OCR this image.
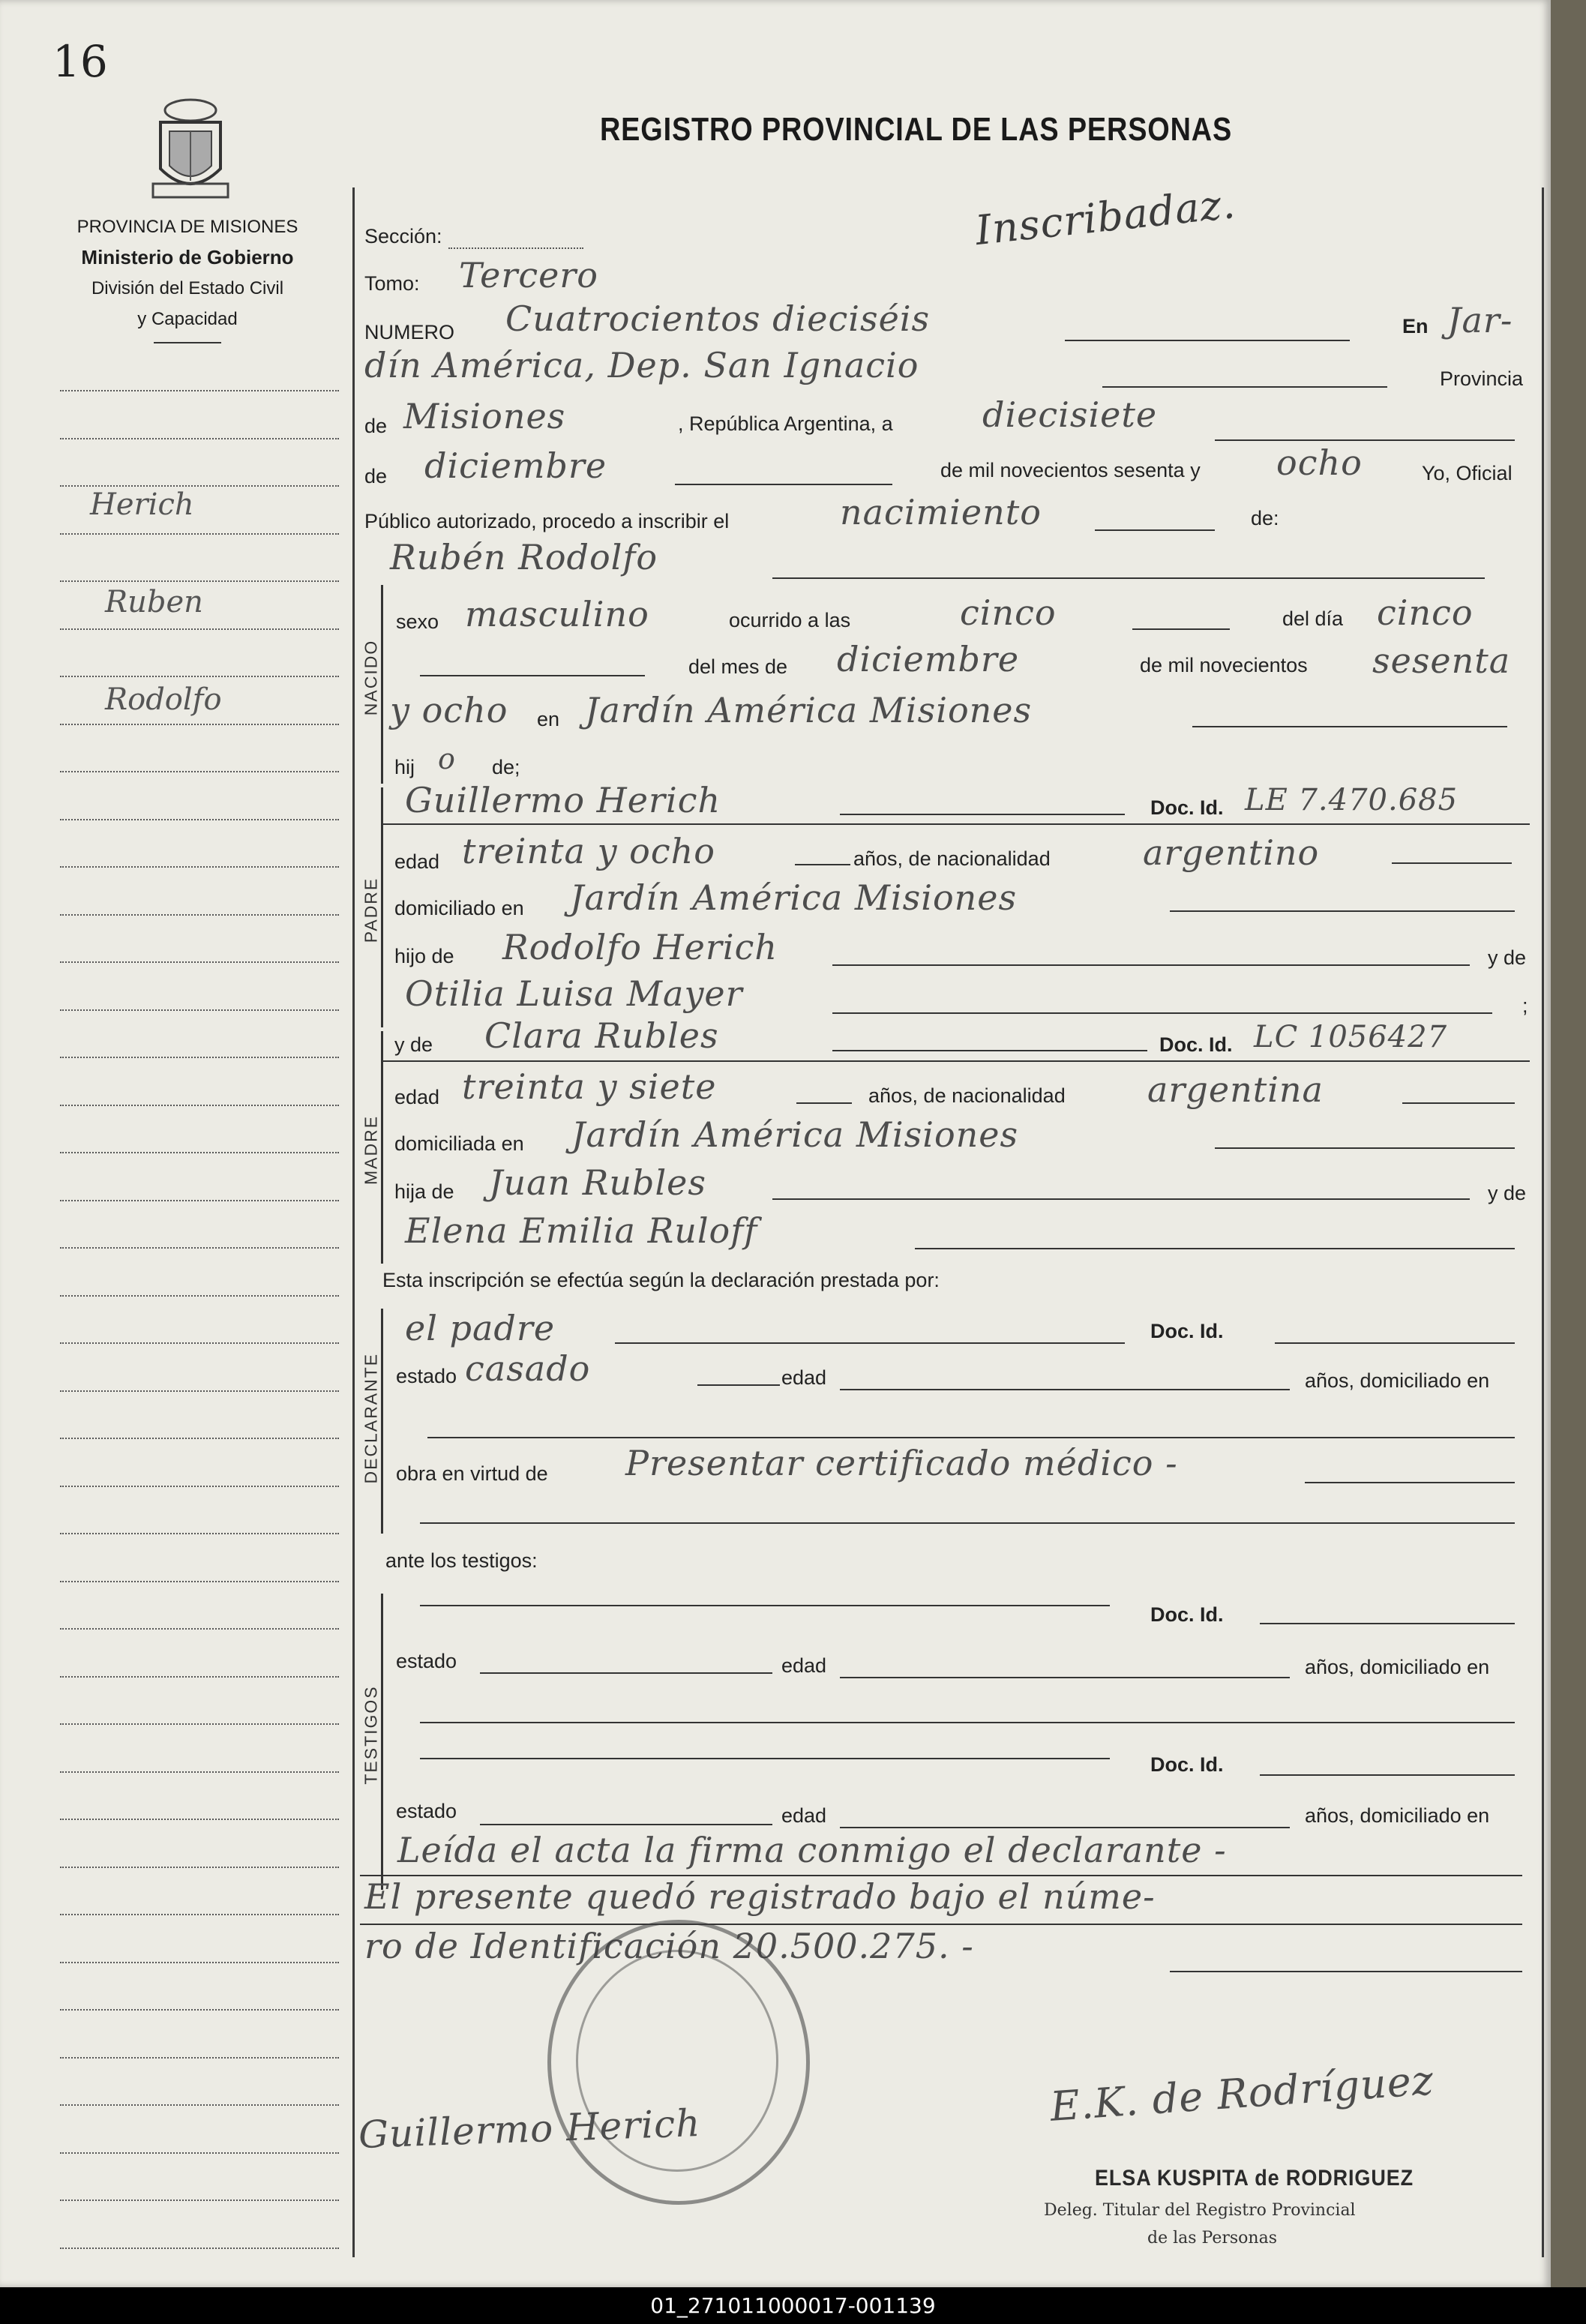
16
PROVINCIA DE MISIONES
Ministerio de Gobierno
División del Estado Civil
y Capacidad
REGISTRO PROVINCIAL DE LAS PERSONAS
Inscribadaz.
Herich
Ruben
Rodolfo
Sección:
Tomo: Tercero
NUMERO Cuatrocientos dieciséis	En Jar-
dín América, Dep. San Ignacio	Provincia
de Misiones	, República Argentina, a	diecisiete
de diciembre	de mil novecientos sesenta y ocho	Yo, Oficial
Público autorizado, procedo a inscribir el	nacimiento	de:
Rubén Rodolfo
NACIDO
sexo masculino	ocurrido a las	cinco	del día cinco
del mes de diciembre	de mil novecientos sesenta
y ocho en Jardín América Misiones
hij o de;
PADRE
Guillermo Herich	Doc. Id. LE 7.470.685
edad treinta y ocho	años, de nacionalidad	argentino
domiciliado en Jardín América Misiones
hijo de Rodolfo Herich	y de
Otilia Luisa Mayer	;
MADRE
y de Clara Rubles	Doc. Id. LC 1056427
edad treinta y siete	años, de nacionalidad argentina
domiciliada en Jardín América Misiones
hija de Juan Rubles	y de
Elena Emilia Ruloff
Esta inscripción se efectúa según la declaración prestada por:
DECLARANTE
el padre	Doc. Id.
estado casado	edad	años, domiciliado en
obra en virtud de Presentar certificado médico -
ante los testigos:
TESTIGOS
Doc. Id.
estado	edad	años, domiciliado en
Doc. Id.
estado	edad	años, domiciliado en
Leída el acta la firma conmigo el declarante -
El presente quedó registrado bajo el núme-
ro de Identificación 20.500.275. -
Guillermo Herich	E.K. de Rodríguez
ELSA KUSPITA de RODRIGUEZ
Deleg. Titular del Registro Provincial
de las Personas
01_271011000017-001139
